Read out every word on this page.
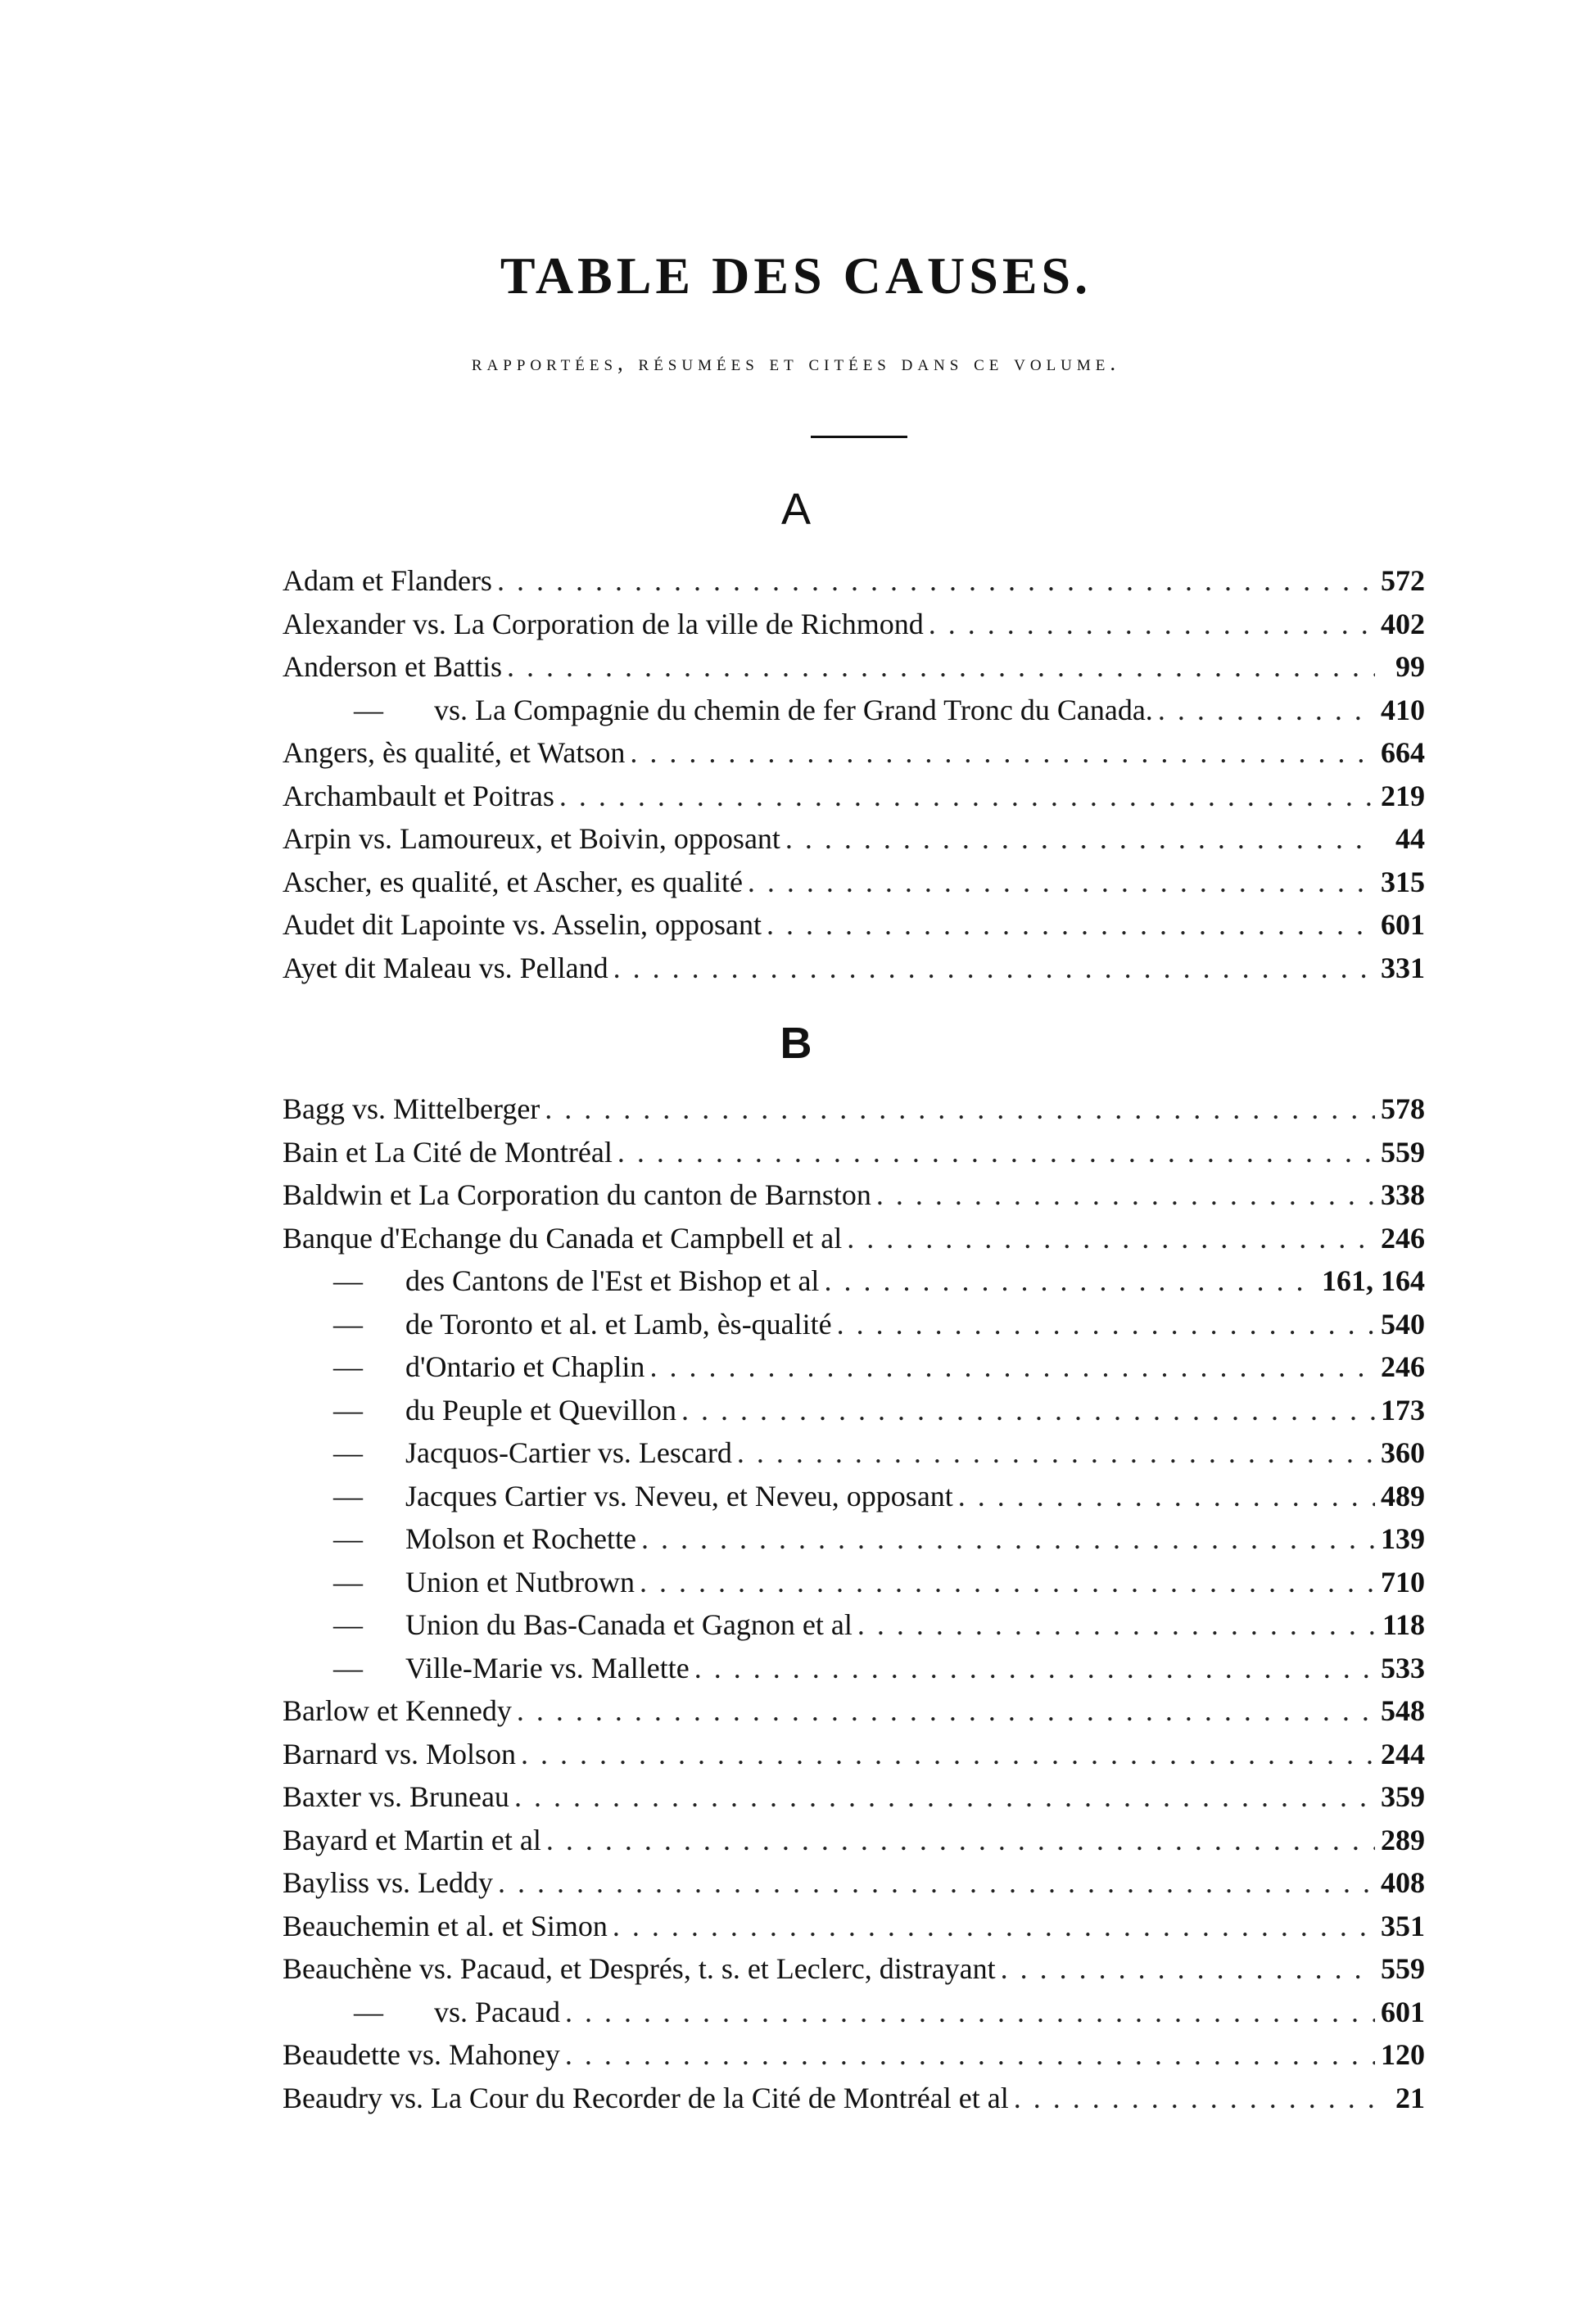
TABLE DES CAUSES.
rapportées, résumées et citées dans ce volume.
A
Adam et Flanders . . .	572
Alexander vs. La Corporation de la ville de Richmond . . .	402
Anderson et Battis . . .	99
—	vs. La Compagnie du chemin de fer Grand Tronc du Canada. . . .	410
Angers, ès qualité, et Watson . . .	664
Archambault et Poitras . . .	219
Arpin vs. Lamoureux, et Boivin, opposant . . .	44
Ascher, es qualité, et Ascher, es qualité . . .	315
Audet dit Lapointe vs. Asselin, opposant . . .	601
Ayet dit Maleau vs. Pelland . . .	331
B
Bagg vs. Mittelberger . . .	578
Bain et La Cité de Montréal . . .	559
Baldwin et La Corporation du canton de Barnston . . .	338
Banque d'Echange du Canada et Campbell et al . . .	246
—	des Cantons de l'Est et Bishop et al . . .	161, 164
—	de Toronto et al. et Lamb, ès-qualité . . .	540
—	d'Ontario et Chaplin . . .	246
—	du Peuple et Quevillon . . .	173
—	Jacquos-Cartier vs. Lescard . . .	360
—	Jacques Cartier vs. Neveu, et Neveu, opposant . . .	489
—	Molson et Rochette . . .	139
—	Union et Nutbrown . . .	710
—	Union du Bas-Canada et Gagnon et al . . .	118
—	Ville-Marie vs. Mallette . . .	533
Barlow et Kennedy . . .	548
Barnard vs. Molson . . .	244
Baxter vs. Bruneau . . .	359
Bayard et Martin et al . . .	289
Bayliss vs. Leddy . . .	408
Beauchemin et al. et Simon . . .	351
Beauchène vs. Pacaud, et Després, t. s. et Leclerc, distrayant . . .	559
—	vs. Pacaud . . .	601
Beaudette vs. Mahoney . . .	120
Beaudry vs. La Cour du Recorder de la Cité de Montréal et al . . .	21
